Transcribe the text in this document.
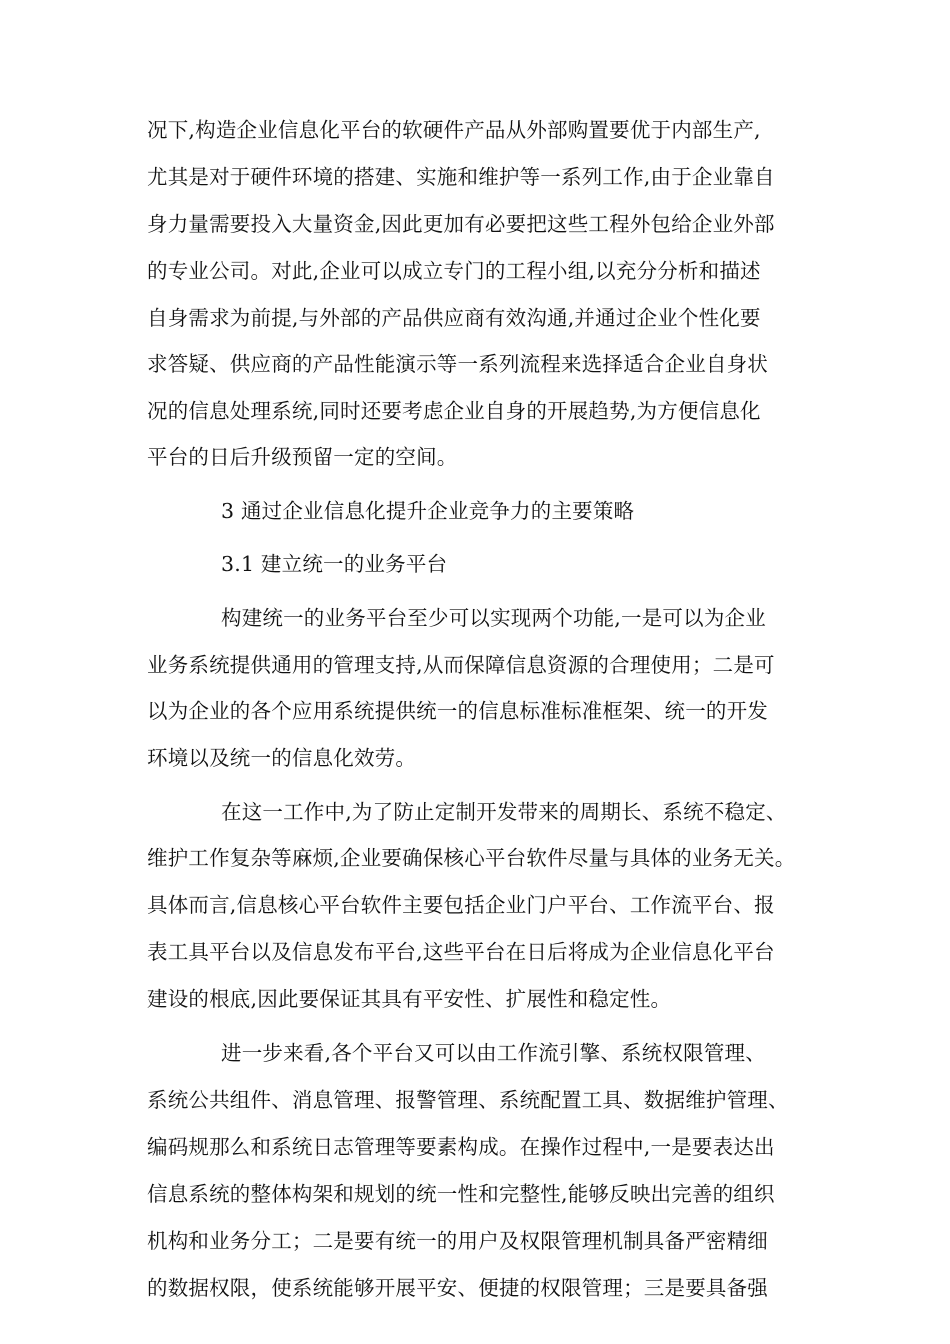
况下,构造企业信息化平台的软硬件产品从外部购置要优于内部生产,
尤其是对于硬件环境的搭建、实施和维护等一系列工作,由于企业靠自
身力量需要投入大量资金,因此更加有必要把这些工程外包给企业外部
的专业公司。对此,企业可以成立专门的工程小组,以充分分析和描述
自身需求为前提,与外部的产品供应商有效沟通,并通过企业个性化要
求答疑、供应商的产品性能演示等一系列流程来选择适合企业自身状
况的信息处理系统,同时还要考虑企业自身的开展趋势,为方便信息化
平台的日后升级预留一定的空间。
3 通过企业信息化提升企业竞争力的主要策略
3.1 建立统一的业务平台
构建统一的业务平台至少可以实现两个功能,一是可以为企业
业务系统提供通用的管理支持,从而保障信息资源的合理使用；二是可
以为企业的各个应用系统提供统一的信息标准标准框架、统一的开发
环境以及统一的信息化效劳。
在这一工作中,为了防止定制开发带来的周期长、系统不稳定、
维护工作复杂等麻烦,企业要确保核心平台软件尽量与具体的业务无关。
具体而言,信息核心平台软件主要包括企业门户平台、工作流平台、报
表工具平台以及信息发布平台,这些平台在日后将成为企业信息化平台
建设的根底,因此要保证其具有平安性、扩展性和稳定性。
进一步来看,各个平台又可以由工作流引擎、系统权限管理、
系统公共组件、消息管理、报警管理、系统配置工具、数据维护管理、
编码规那么和系统日志管理等要素构成。在操作过程中,一是要表达出
信息系统的整体构架和规划的统一性和完整性,能够反映出完善的组织
机构和业务分工；二是要有统一的用户及权限管理机制具备严密精细
的数据权限，使系统能够开展平安、便捷的权限管理；三是要具备强
